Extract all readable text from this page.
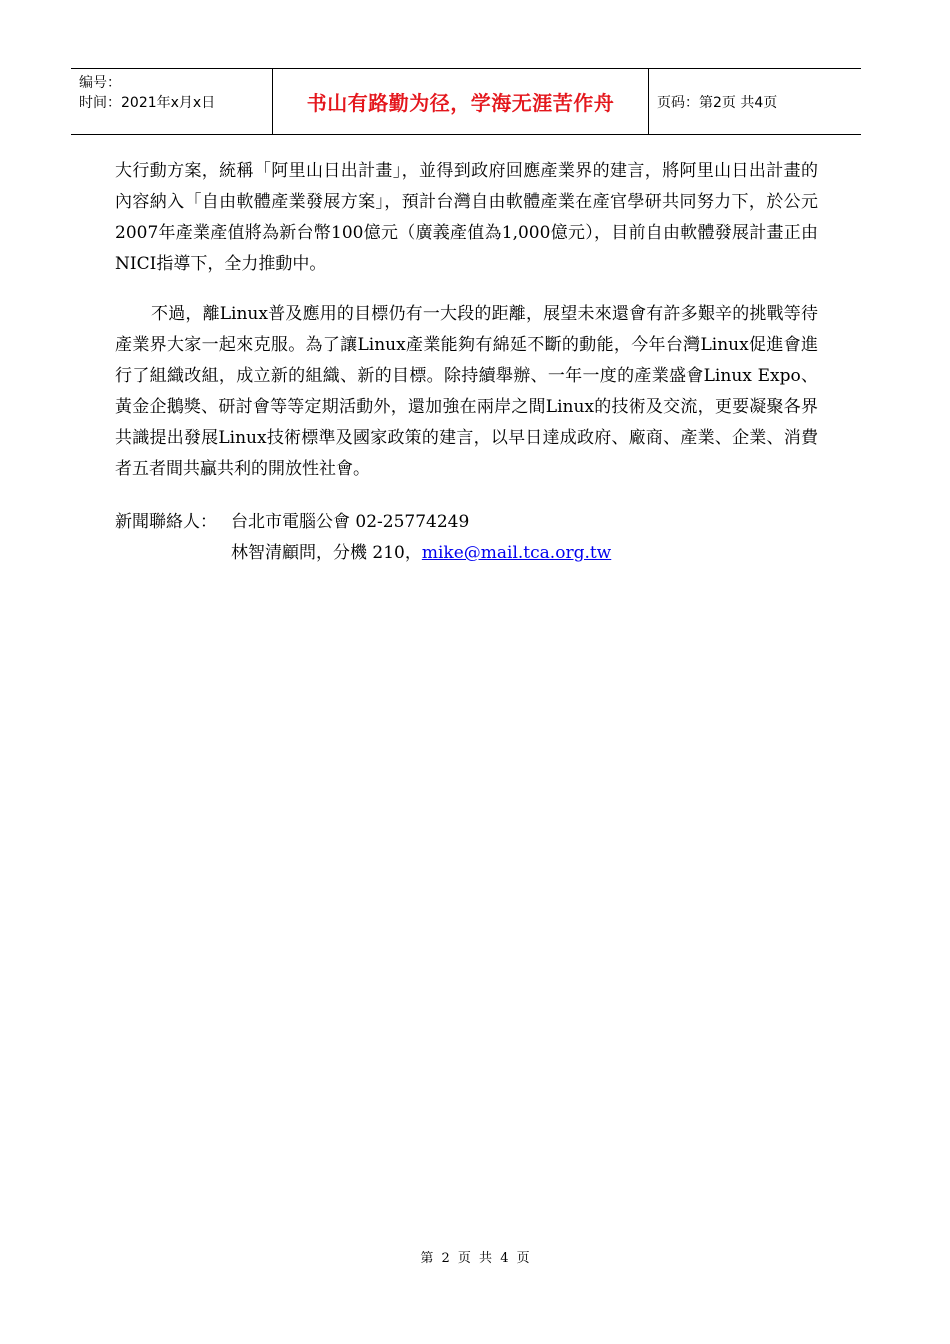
编号：
时间：2021年x月x日	书山有路勤为径，学海无涯苦作舟	页码：第2页 共4页

大行動方案，統稱「阿里山日出計畫」，並得到政府回應產業界的建言，將阿里山日出計畫的內容納入「自由軟體產業發展方案」，預計台灣自由軟體產業在產官學研共同努力下，於公元2007年產業產值將為新台幣100億元（廣義產值為1,000億元），目前自由軟體發展計畫正由NICI指導下，全力推動中。

不過，離Linux普及應用的目標仍有一大段的距離，展望未來還會有許多艱辛的挑戰等待產業界大家一起來克服。為了讓Linux產業能夠有綿延不斷的動能，今年台灣Linux促進會進行了組織改組，成立新的組織、新的目標。除持續舉辦、一年一度的產業盛會Linux Expo、黃金企鵝獎、研討會等等定期活動外，還加強在兩岸之間Linux的技術及交流，更要凝聚各界共識提出發展Linux技術標準及國家政策的建言，以早日達成政府、廠商、產業、企業、消費者五者間共贏共利的開放性社會。

新聞聯絡人： 台北市電腦公會 02-25774249
林智清顧問，分機 210，mike@mail.tca.org.tw
第 2 页 共 4 页
